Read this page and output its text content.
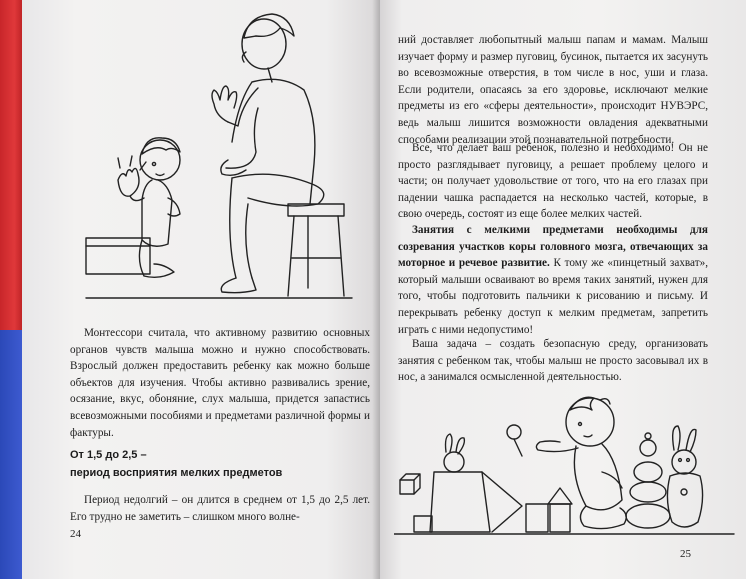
Монтессори считала, что активному развитию основных органов чувств малыша можно и нужно способствовать. Взрослый должен предоставить ребенку как можно больше объектов для изучения. Чтобы активно развивались зрение, осязание, вкус, обоняние, слух малыша, придется запастись всевозможными пособиями и предметами различной формы и фактуры.

От 1,5 до 2,5 –

период восприятия мелких предметов

Период недолгий – он длится в среднем от 1,5 до 2,5 лет. Его трудно не заметить – слишком много волне-

24

ний доставляет любопытный малыш папам и мамам. Малыш изучает форму и размер пуговиц, бусинок, пытается их засунуть во всевозможные отверстия, в том числе в нос, уши и глаза. Если родители, опасаясь за его здоровье, исключают мелкие предметы из его «сферы деятельности», происходит НУВЭРС, ведь малыш лишится возможности овладения адекватными способами реализации этой познавательной потребности.

Все, что делает ваш ребенок, полезно и необходимо! Он не просто разглядывает пуговицу, а решает проблему целого и части; он получает удовольствие от того, что на его глазах при падении чашка распадается на несколько частей, которые, в свою очередь, состоят из еще более мелких частей.

Занятия с мелкими предметами необходимы для созревания участков коры головного мозга, отвечающих за моторное и речевое развитие. К тому же «пинцетный захват», который малыши осваивают во время таких занятий, нужен для того, чтобы подготовить пальчики к рисованию и письму. И перекрывать ребенку доступ к мелким предметам, запретить играть с ними недопустимо!

Ваша задача – создать безопасную среду, организовать занятия с ребенком так, чтобы малыш не просто засовывал их в нос, а занимался осмысленной деятельностью.

25
